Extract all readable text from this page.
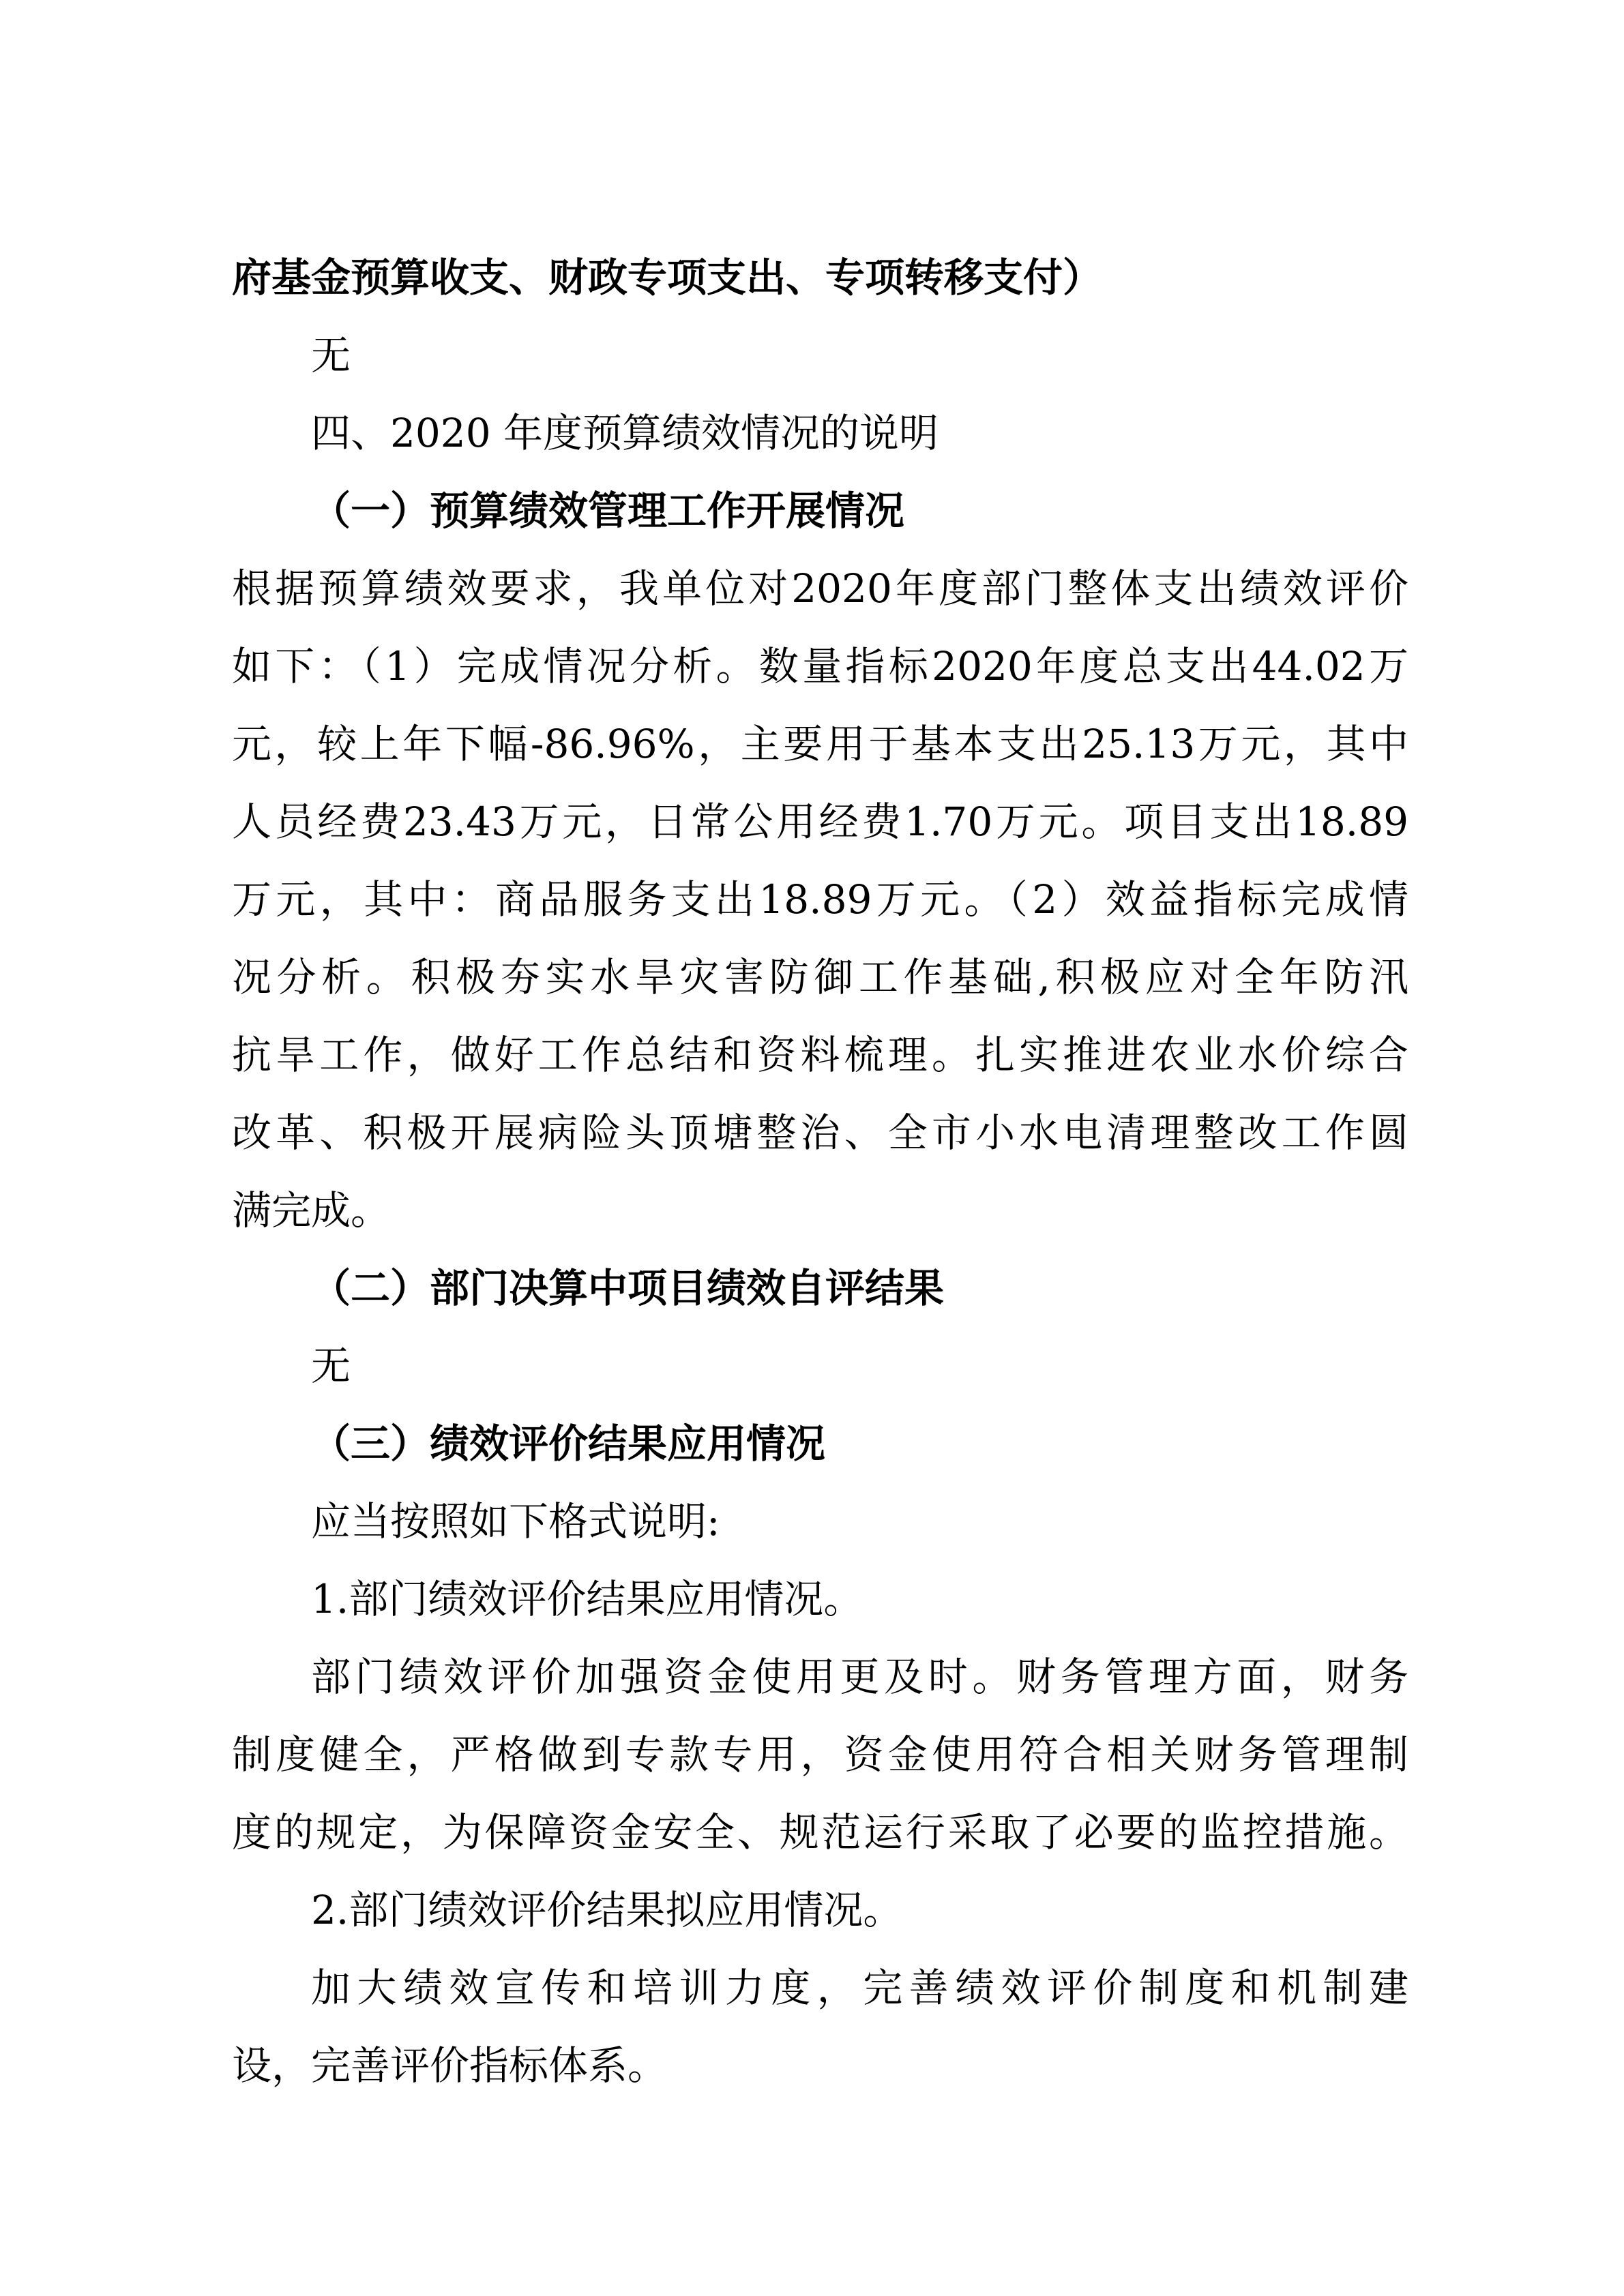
府基金预算收支、财政专项支出、专项转移支付）
无
四、2020 年度预算绩效情况的说明
（一）预算绩效管理工作开展情况
根据预算绩效要求，我单位对2020年度部门整体支出绩效评价
如下：（1）完成情况分析。数量指标2020年度总支出44.02万
元，较上年下幅-86.96%，主要用于基本支出25.13万元，其中
人员经费23.43万元，日常公用经费1.70万元。项目支出18.89
万元，其中：商品服务支出18.89万元。（2）效益指标完成情
况分析。积极夯实水旱灾害防御工作基础,积极应对全年防汛
抗旱工作，做好工作总结和资料梳理。扎实推进农业水价综合
改革、积极开展病险头顶塘整治、全市小水电清理整改工作圆
满完成。
（二）部门决算中项目绩效自评结果
无
（三）绩效评价结果应用情况
应当按照如下格式说明:
1.部门绩效评价结果应用情况。
部门绩效评价加强资金使用更及时。财务管理方面，财务
制度健全，严格做到专款专用，资金使用符合相关财务管理制
度的规定，为保障资金安全、规范运行采取了必要的监控措施。
2.部门绩效评价结果拟应用情况。
加大绩效宣传和培训力度，完善绩效评价制度和机制建
设，完善评价指标体系。
